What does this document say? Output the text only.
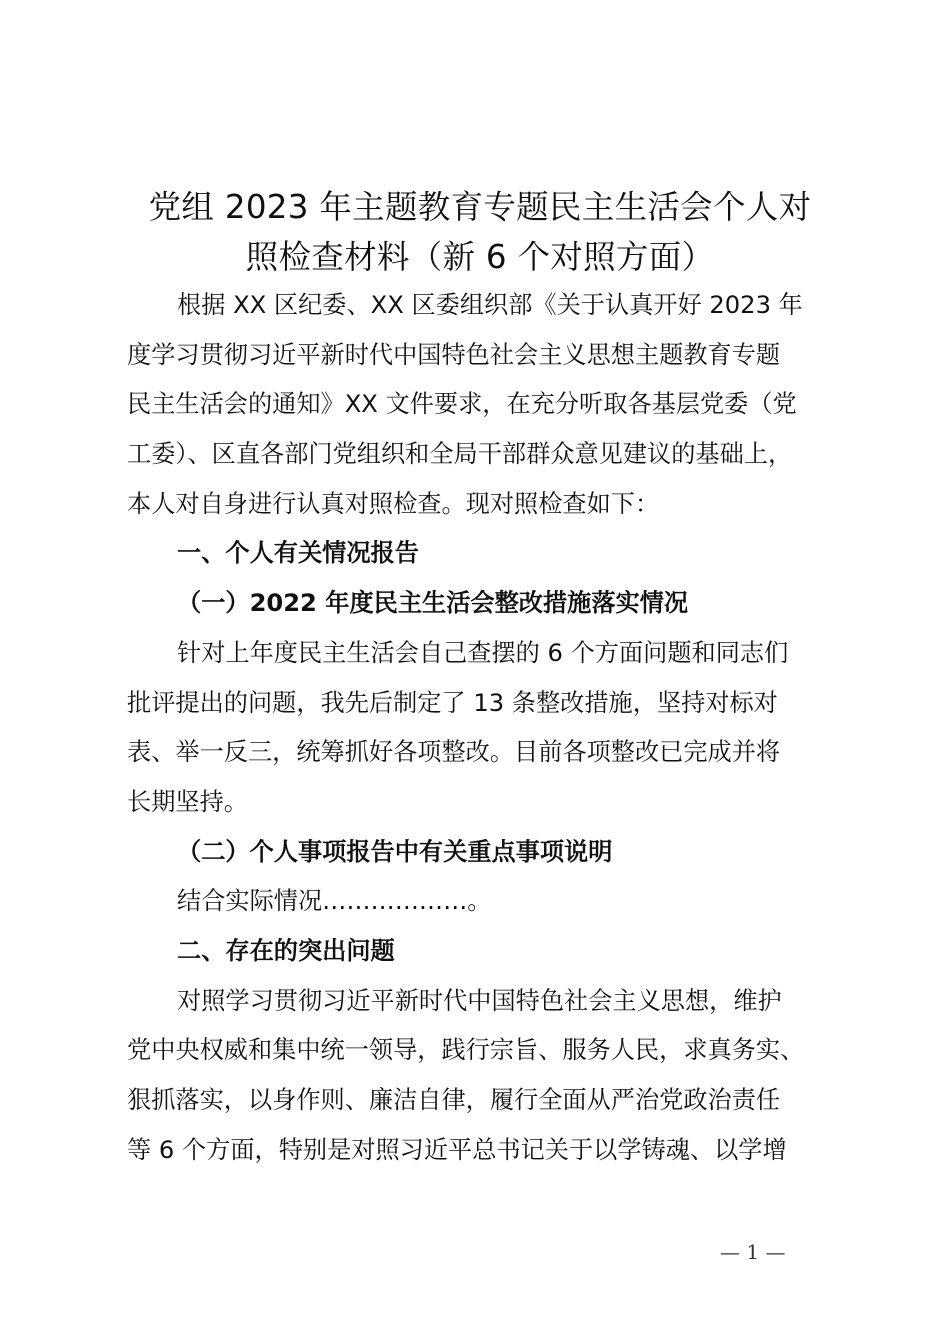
党组 2023 年主题教育专题民主生活会个人对
照检查材料（新 6 个对照方面）

根据 XX 区纪委、XX 区委组织部《关于认真开好 2023 年

度学习贯彻习近平新时代中国特色社会主义思想主题教育专题

民主生活会的通知》XX 文件要求，在充分听取各基层党委（党

工委）、区直各部门党组织和全局干部群众意见建议的基础上，

本人对自身进行认真对照检查。现对照检查如下：

一、个人有关情况报告

（一）2022 年度民主生活会整改措施落实情况

针对上年度民主生活会自己查摆的 6 个方面问题和同志们

批评提出的问题，我先后制定了 13 条整改措施，坚持对标对

表、举一反三，统筹抓好各项整改。目前各项整改已完成并将

长期坚持。

（二）个人事项报告中有关重点事项说明

结合实际情况………………。

二、存在的突出问题

对照学习贯彻习近平新时代中国特色社会主义思想，维护

党中央权威和集中统一领导，践行宗旨、服务人民，求真务实、

狠抓落实，以身作则、廉洁自律，履行全面从严治党政治责任

等 6 个方面，特别是对照习近平总书记关于以学铸魂、以学增

— 1 —
